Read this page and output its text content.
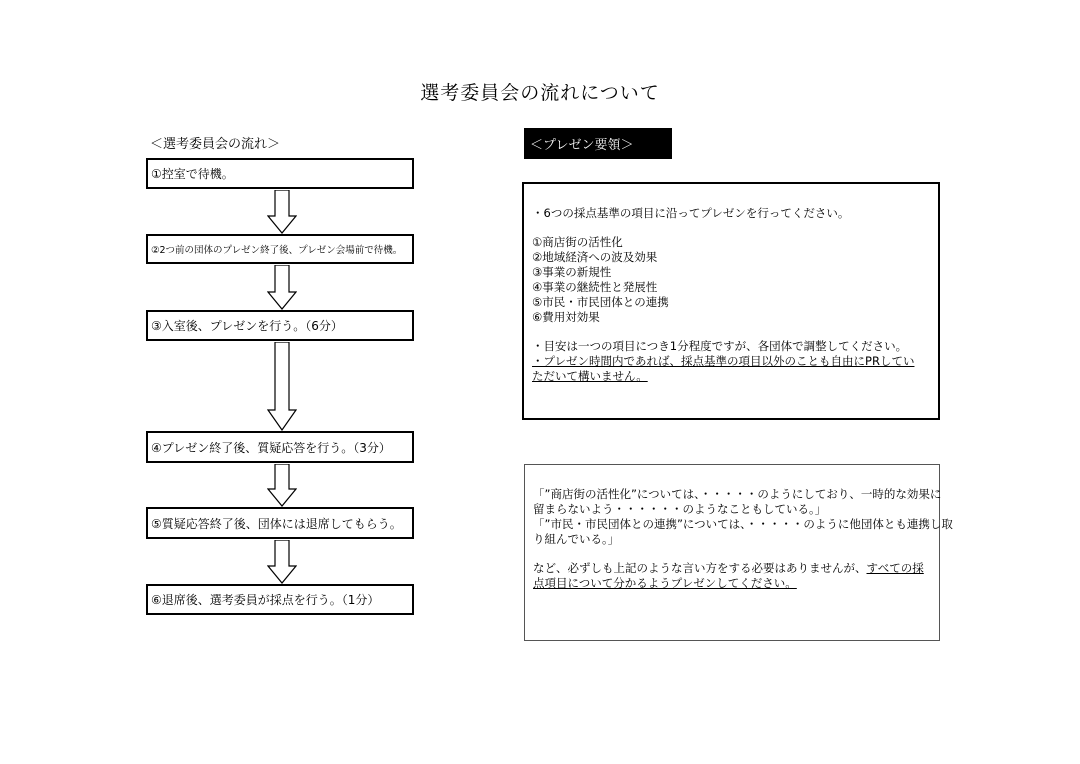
選考委員会の流れについて
＜選考委員会の流れ＞
①控室で待機。
②2つ前の団体のプレゼン終了後、プレゼン会場前で待機。
③入室後、プレゼンを行う。（6分）
④プレゼン終了後、質疑応答を行う。（3分）
⑤質疑応答終了後、団体には退席してもらう。
⑥退席後、選考委員が採点を行う。（1分）
＜プレゼン要領＞
・6つの採点基準の項目に沿ってプレゼンを行ってください。
①商店街の活性化
②地域経済への波及効果
③事業の新規性
④事業の継続性と発展性
⑤市民・市民団体との連携
⑥費用対効果
・目安は一つの項目につき1分程度ですが、各団体で調整してください。
・プレゼン時間内であれば、採点基準の項目以外のことも自由にPRしてい
ただいて構いません。
「”商店街の活性化”については、・・・・・のようにしており、一時的な効果に
留まらないよう・・・・・・のようなこともしている。」
「”市民・市民団体との連携”については、・・・・・のように他団体とも連携し取
り組んでいる。」
など、必ずしも上記のような言い方をする必要はありませんが、すべての採
点項目について分かるようプレゼンしてください。
